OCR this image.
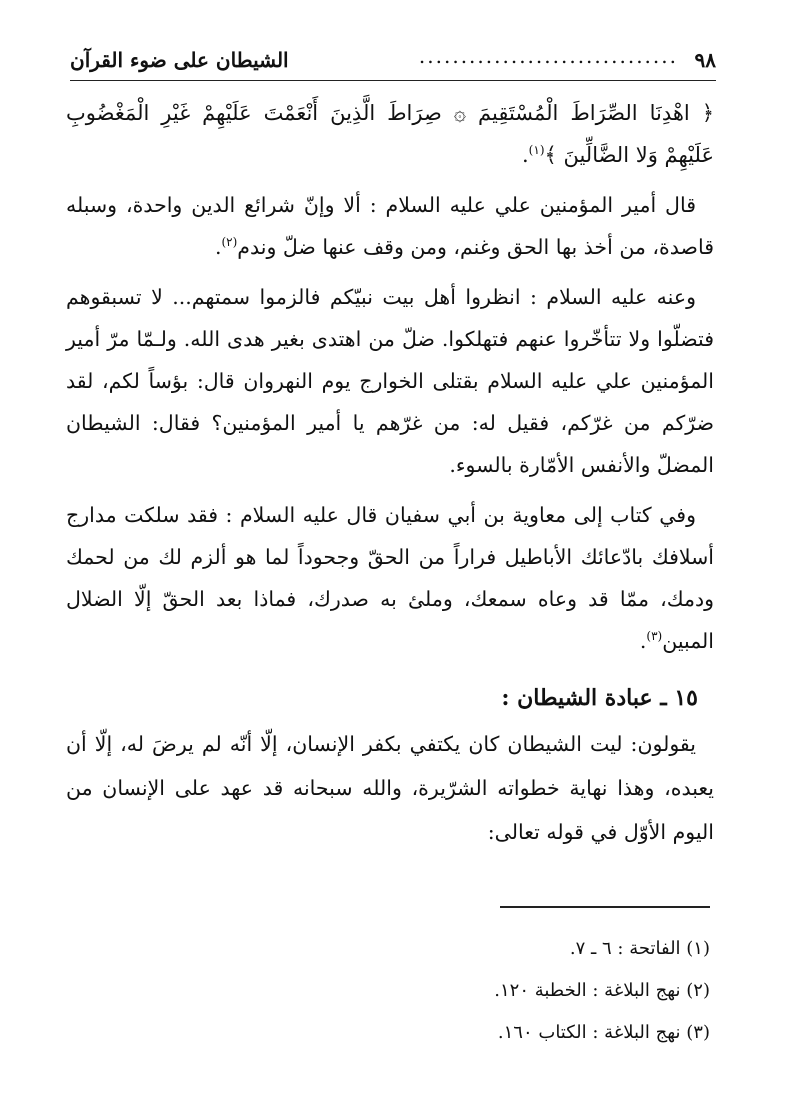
٩٨
...............................
الشيطان على ضوء القرآن

﴿ اهْدِنَا الصِّرَاطَ الْمُسْتَقِيمَ ۞ صِرَاطَ الَّذِينَ أَنْعَمْتَ عَلَيْهِمْ غَيْرِ الْمَغْضُوبِ عَلَيْهِمْ وَلا الضَّالِّينَ ﴾$^{(١)}$.

قال أمير المؤمنين علي عليه السلام : ألا وإنّ شرائع الدين واحدة، وسبله قاصدة، من أخذ بها الحق وغنم، ومن وقف عنها ضلّ وندم$^{(٢)}$.

وعنه عليه السلام : انظروا أهل بيت نبيّكم فالزموا سمتهم... لا تسبقوهم فتضلّوا ولا تتأخّروا عنهم فتهلكوا. ضلّ من اهتدى بغير هدى الله. ولـمّا مرّ أمير المؤمنين علي عليه السلام بقتلى الخوارج يوم النهروان قال: بؤساً لكم، لقد ضرّكم من غرّكم، فقيل له: من غرّهم يا أمير المؤمنين؟ فقال: الشيطان المضلّ والأنفس الأمّارة بالسوء.

وفي كتاب إلى معاوية بن أبي سفيان قال عليه السلام : فقد سلكت مدارج أسلافك بادّعائك الأباطيل فراراً من الحقّ وجحوداً لما هو ألزم لك من لحمك ودمك، ممّا قد وعاه سمعك، وملئ به صدرك، فماذا بعد الحقّ إلّا الضلال المبين$^{(٣)}$.

١٥ ـ عبادة الشيطان :

يقولون: ليت الشيطان كان يكتفي بكفر الإنسان، إلّا أنّه لم يرضَ له، إلّا أن يعبده، وهذا نهاية خطواته الشرّيرة، والله سبحانه قد عهد على الإنسان من اليوم الأوّل في قوله تعالى:

(١) الفاتحة : ٦ ـ ٧.
(٢) نهج البلاغة : الخطبة ١٢٠.
(٣) نهج البلاغة : الكتاب ١٦٠.
